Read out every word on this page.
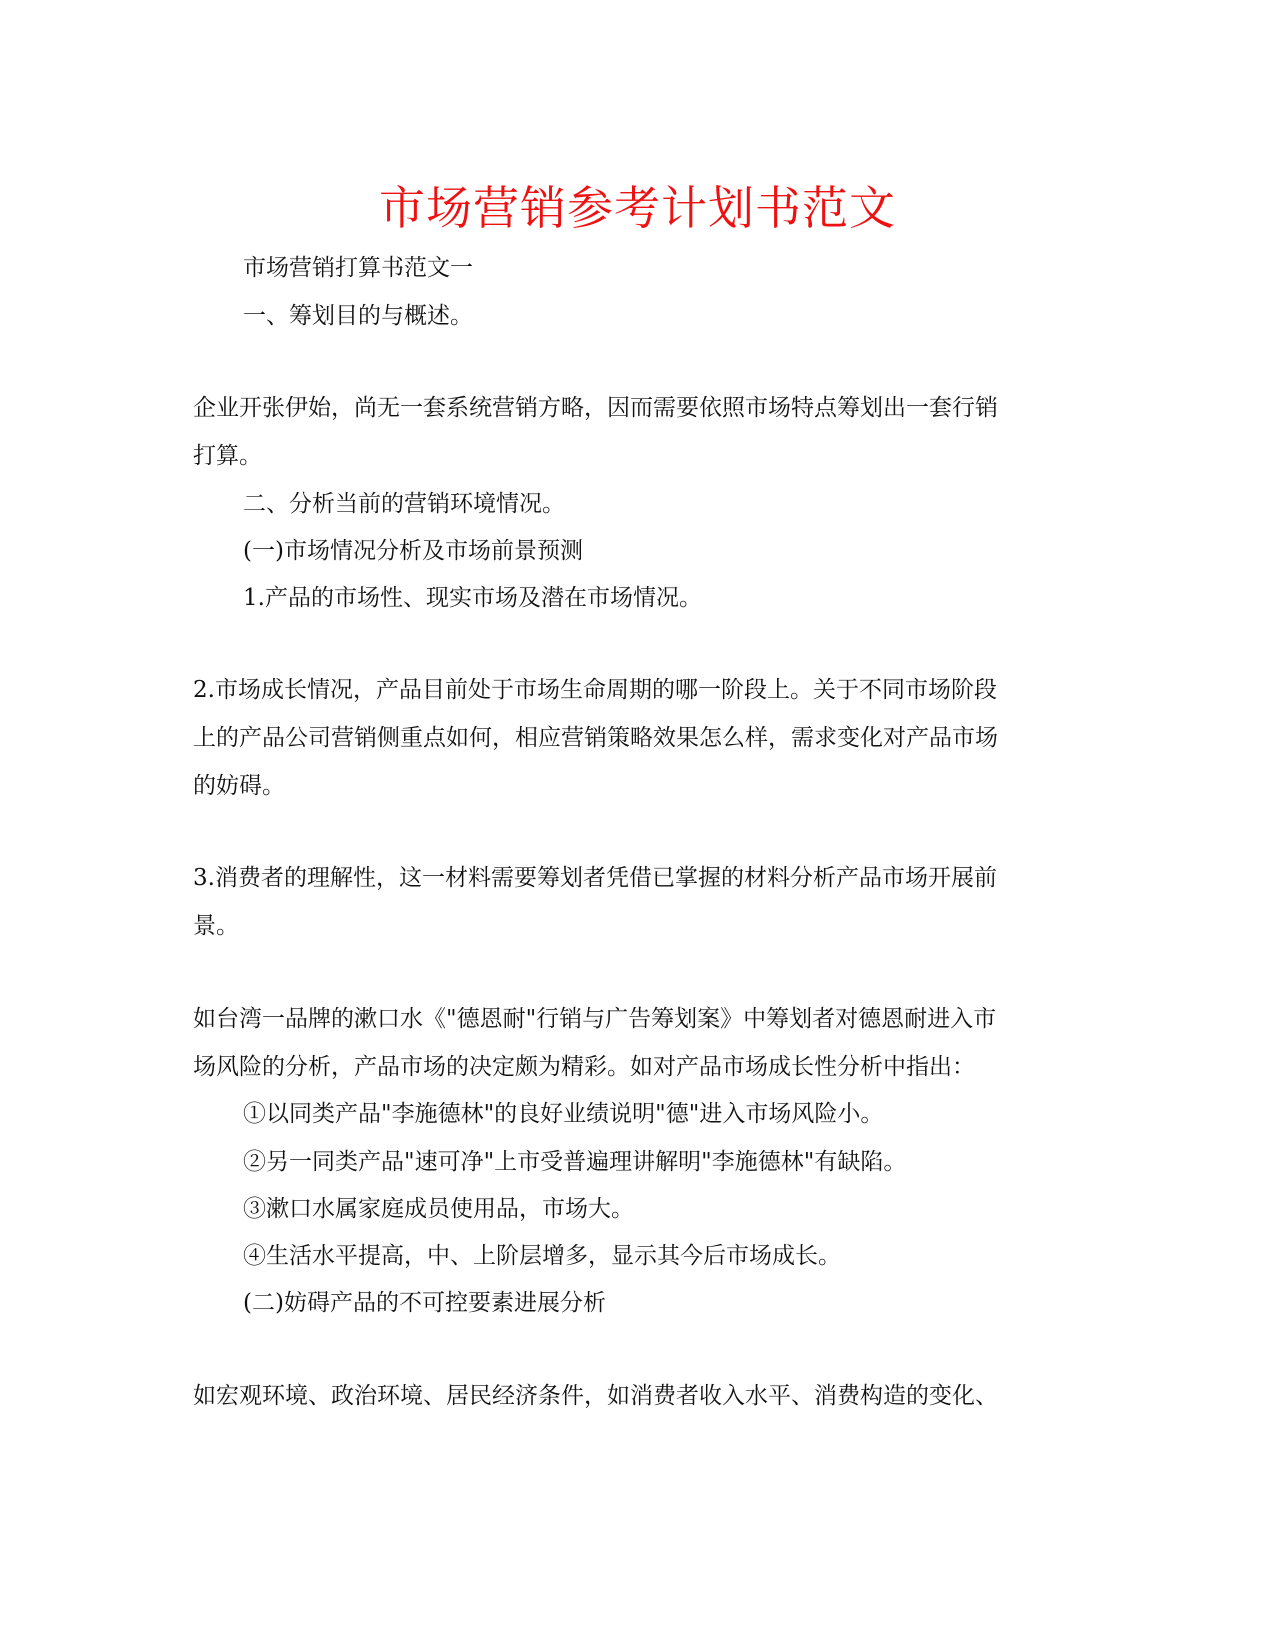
市场营销参考计划书范文

市场营销打算书范文一

一、筹划目的与概述。

企业开张伊始，尚无一套系统营销方略，因而需要依照市场特点筹划出一套行销

打算。

二、分析当前的营销环境情况。

(一)市场情况分析及市场前景预测

1.产品的市场性、现实市场及潜在市场情况。

2.市场成长情况，产品目前处于市场生命周期的哪一阶段上。关于不同市场阶段

上的产品公司营销侧重点如何，相应营销策略效果怎么样，需求变化对产品市场

的妨碍。

3.消费者的理解性，这一材料需要筹划者凭借已掌握的材料分析产品市场开展前

景。

如台湾一品牌的漱口水《"德恩耐"行销与广告筹划案》中筹划者对德恩耐进入市

场风险的分析，产品市场的决定颇为精彩。如对产品市场成长性分析中指出：

①以同类产品"李施德林"的良好业绩说明"德"进入市场风险小。

②另一同类产品"速可净"上市受普遍理讲解明"李施德林"有缺陷。

③漱口水属家庭成员使用品，市场大。

④生活水平提高，中、上阶层增多，显示其今后市场成长。

(二)妨碍产品的不可控要素进展分析

如宏观环境、政治环境、居民经济条件，如消费者收入水平、消费构造的变化、
